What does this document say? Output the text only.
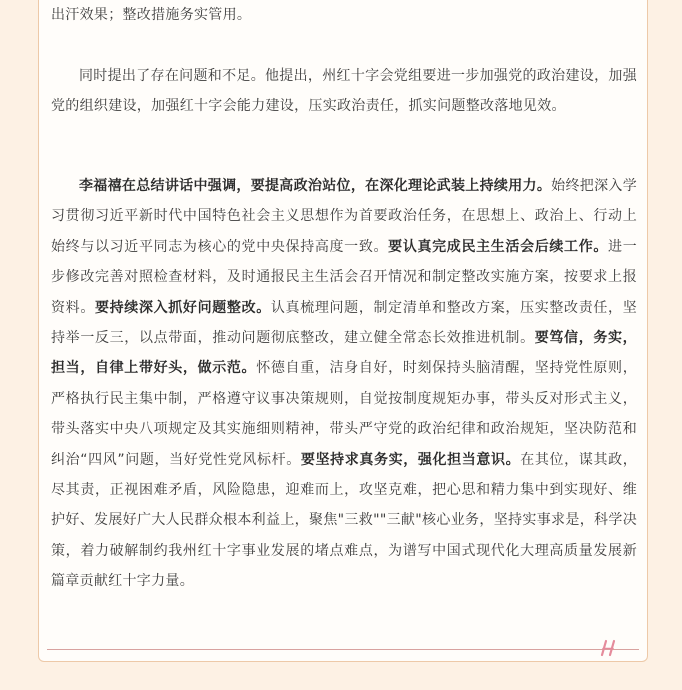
出汗效果；整改措施务实管用。

同时提出了存在问题和不足。他提出，州红十字会党组要进一步加强党的政治建设，加强党的组织建设，加强红十字会能力建设，压实政治责任，抓实问题整改落地见效。

李福禧在总结讲话中强调，要提高政治站位，在深化理论武装上持续用力。始终把深入学习贯彻习近平新时代中国特色社会主义思想作为首要政治任务，在思想上、政治上、行动上始终与以习近平同志为核心的党中央保持高度一致。要认真完成民主生活会后续工作。进一步修改完善对照检查材料，及时通报民主生活会召开情况和制定整改实施方案，按要求上报资料。要持续深入抓好问题整改。认真梳理问题，制定清单和整改方案，压实整改责任，坚持举一反三，以点带面，推动问题彻底整改，建立健全常态长效推进机制。要笃信，务实，担当，自律上带好头，做示范。怀德自重，洁身自好，时刻保持头脑清醒，坚持党性原则，严格执行民主集中制，严格遵守议事决策规则，自觉按制度规矩办事，带头反对形式主义，带头落实中央八项规定及其实施细则精神，带头严守党的政治纪律和政治规矩，坚决防范和纠治“四风”问题，当好党性党风标杆。要坚持求真务实，强化担当意识。在其位，谋其政，尽其责，正视困难矛盾，风险隐患，迎难而上，攻坚克难，把心思和精力集中到实现好、维护好、发展好广大人民群众根本利益上，聚焦"三救""三献"核心业务，坚持实事求是，科学决策，着力破解制约我州红十字事业发展的堵点难点，为谱写中国式现代化大理高质量发展新篇章贡献红十字力量。
